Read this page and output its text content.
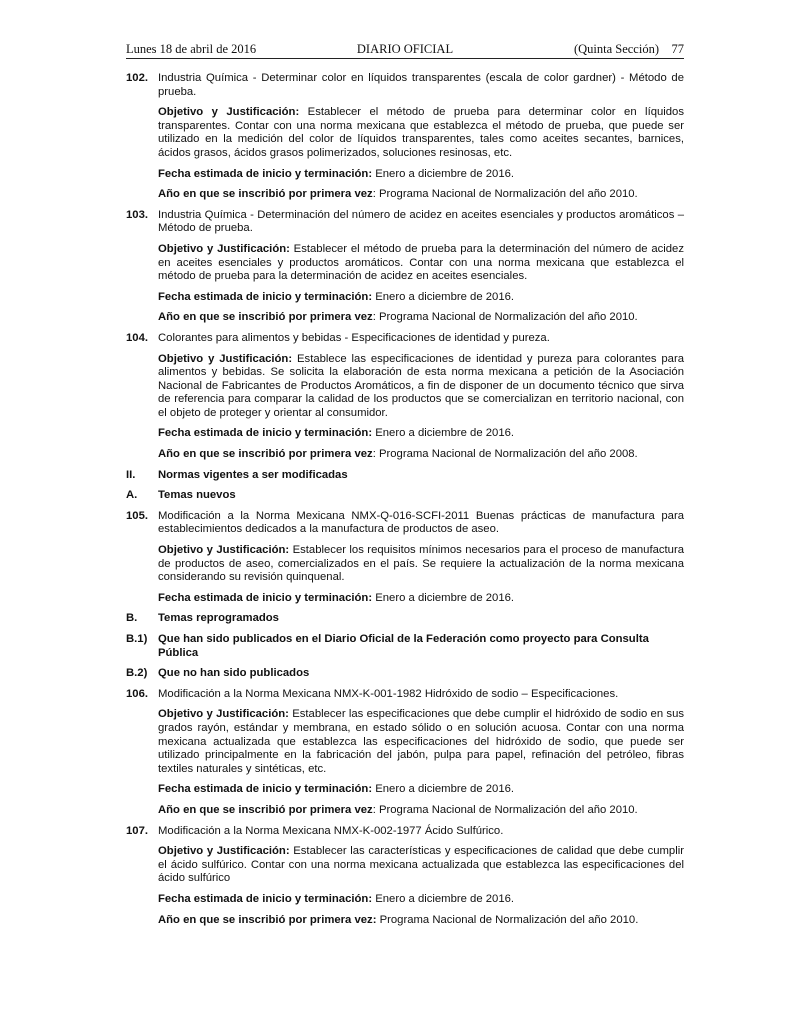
Lunes 18 de abril de 2016	DIARIO OFICIAL	(Quinta Sección) 77
102. Industria Química - Determinar color en líquidos transparentes (escala de color gardner) - Método de prueba.
Objetivo y Justificación: Establecer el método de prueba para determinar color en líquidos transparentes. Contar con una norma mexicana que establezca el método de prueba, que puede ser utilizado en la medición del color de líquidos transparentes, tales como aceites secantes, barnices, ácidos grasos, ácidos grasos polimerizados, soluciones resinosas, etc.
Fecha estimada de inicio y terminación: Enero a diciembre de 2016.
Año en que se inscribió por primera vez: Programa Nacional de Normalización del año 2010.
103. Industria Química - Determinación del número de acidez en aceites esenciales y productos aromáticos – Método de prueba.
Objetivo y Justificación: Establecer el método de prueba para la determinación del número de acidez en aceites esenciales y productos aromáticos. Contar con una norma mexicana que establezca el método de prueba para la determinación de acidez en aceites esenciales.
Fecha estimada de inicio y terminación: Enero a diciembre de 2016.
Año en que se inscribió por primera vez: Programa Nacional de Normalización del año 2010.
104. Colorantes para alimentos y bebidas - Especificaciones de identidad y pureza.
Objetivo y Justificación: Establece las especificaciones de identidad y pureza para colorantes para alimentos y bebidas. Se solicita la elaboración de esta norma mexicana a petición de la Asociación Nacional de Fabricantes de Productos Aromáticos, a fin de disponer de un documento técnico que sirva de referencia para comparar la calidad de los productos que se comercializan en territorio nacional, con el objeto de proteger y orientar al consumidor.
Fecha estimada de inicio y terminación: Enero a diciembre de 2016.
Año en que se inscribió por primera vez: Programa Nacional de Normalización del año 2008.
II. Normas vigentes a ser modificadas
A. Temas nuevos
105. Modificación a la Norma Mexicana NMX-Q-016-SCFI-2011 Buenas prácticas de manufactura para establecimientos dedicados a la manufactura de productos de aseo.
Objetivo y Justificación: Establecer los requisitos mínimos necesarios para el proceso de manufactura de productos de aseo, comercializados en el país. Se requiere la actualización de la norma mexicana considerando su revisión quinquenal.
Fecha estimada de inicio y terminación: Enero a diciembre de 2016.
B. Temas reprogramados
B.1) Que han sido publicados en el Diario Oficial de la Federación como proyecto para Consulta Pública
B.2) Que no han sido publicados
106. Modificación a la Norma Mexicana NMX-K-001-1982 Hidróxido de sodio – Especificaciones.
Objetivo y Justificación: Establecer las especificaciones que debe cumplir el hidróxido de sodio en sus grados rayón, estándar y membrana, en estado sólido o en solución acuosa. Contar con una norma mexicana actualizada que establezca las especificaciones del hidróxido de sodio, que puede ser utilizado principalmente en la fabricación del jabón, pulpa para papel, refinación del petróleo, fibras textiles naturales y sintéticas, etc.
Fecha estimada de inicio y terminación: Enero a diciembre de 2016.
Año en que se inscribió por primera vez: Programa Nacional de Normalización del año 2010.
107. Modificación a la Norma Mexicana NMX-K-002-1977 Ácido Sulfúrico.
Objetivo y Justificación: Establecer las características y especificaciones de calidad que debe cumplir el ácido sulfúrico. Contar con una norma mexicana actualizada que establezca las especificaciones del ácido sulfúrico
Fecha estimada de inicio y terminación: Enero a diciembre de 2016.
Año en que se inscribió por primera vez: Programa Nacional de Normalización del año 2010.
